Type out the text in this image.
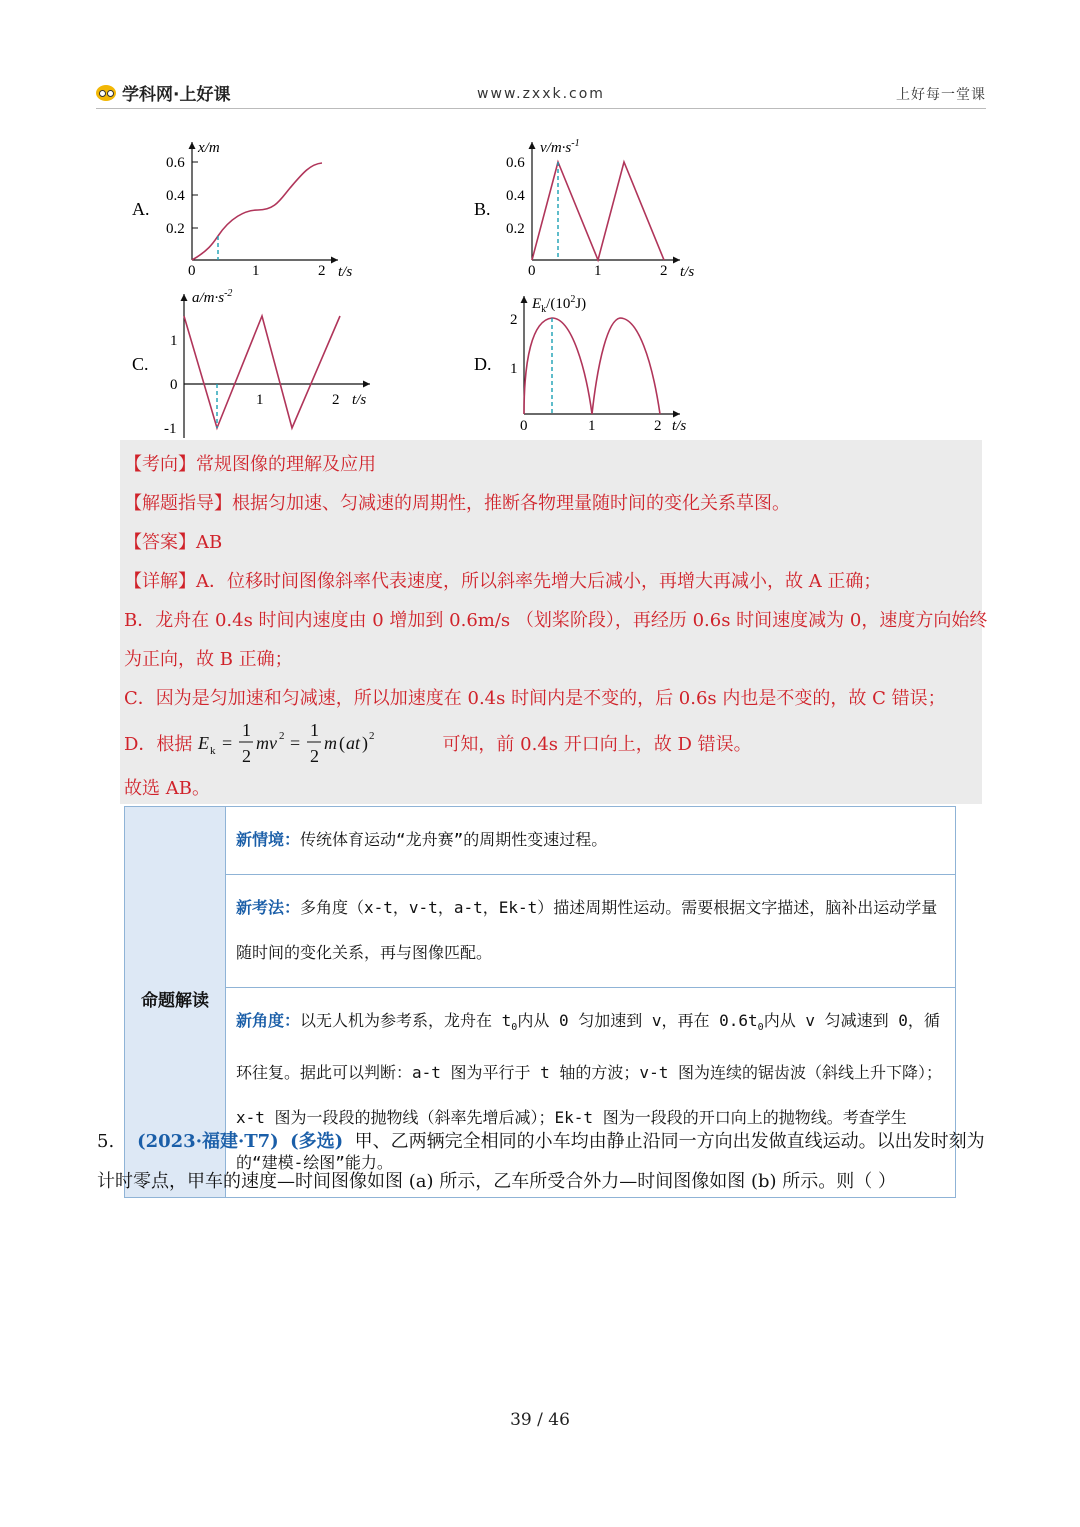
学科网·上好课	www.zxxk.com	上好每一堂课
A.
x/m
0.6
0.4
0.2
0	1	2 t/s
B.
$v/m\cdot s^{-1}$
0.6
0.4
0.2
0	1	2 t/s
C.
$a/m\cdot s^{-2}$
1
0
-1
1	2 t/s
D.
$E_k/(10^2J)$
2
1
0	1	2 t/s
【考向】常规图像的理解及应用
【解题指导】根据匀加速、匀减速的周期性，推断各物理量随时间的变化关系草图。
【答案】AB
【详解】A．位移时间图像斜率代表速度，所以斜率先增大后减小，再增大再减小，故 A 正确；
B．龙舟在 0.4s 时间内速度由 0 增加到 0.6m/s （划桨阶段），再经历 0.6s 时间速度减为 0，速度方向始终
为正向，故 B 正确；
C．因为是匀加速和匀减速，所以加速度在 0.4s 时间内是不变的，后 0.6s 内也是不变的，故 C 错误；
D．根据 E k =
1
2
mv 2 =
1
2
m ( at ) 2	可知，前 0.4s 开口向上，故 D 错误。
故选 AB。
命题解读	新情境：传统体育运动“龙舟赛”的周期性变速过程。
新考法：多角度（x-t，v-t，a-t，Ek-t）描述周期性运动。需要根据文字描述，脑补出运动学量随时间的变化关系，再与图像匹配。
新角度：以无人机为参考系，龙舟在 $t_0$内从 0 匀加速到 v，再在 $0.6t_0$内从 v 匀减速到 0，循环往复。据此可以判断：a-t 图为平行于 t 轴的方波；v-t 图为连续的锯齿波（斜线上升下降）；x-t 图为一段段的抛物线（斜率先增后减）；Ek-t 图为一段段的开口向上的抛物线。考查学生的“建模-绘图”能力。
5. (2023·福建·T7) (多选) 甲、乙两辆完全相同的小车均由静止沿同一方向出发做直线运动。以出发时刻为计时零点，甲车的速度—时间图像如图 (a) 所示，乙车所受合外力—时间图像如图 (b) 所示。则（ ）
39 / 46
